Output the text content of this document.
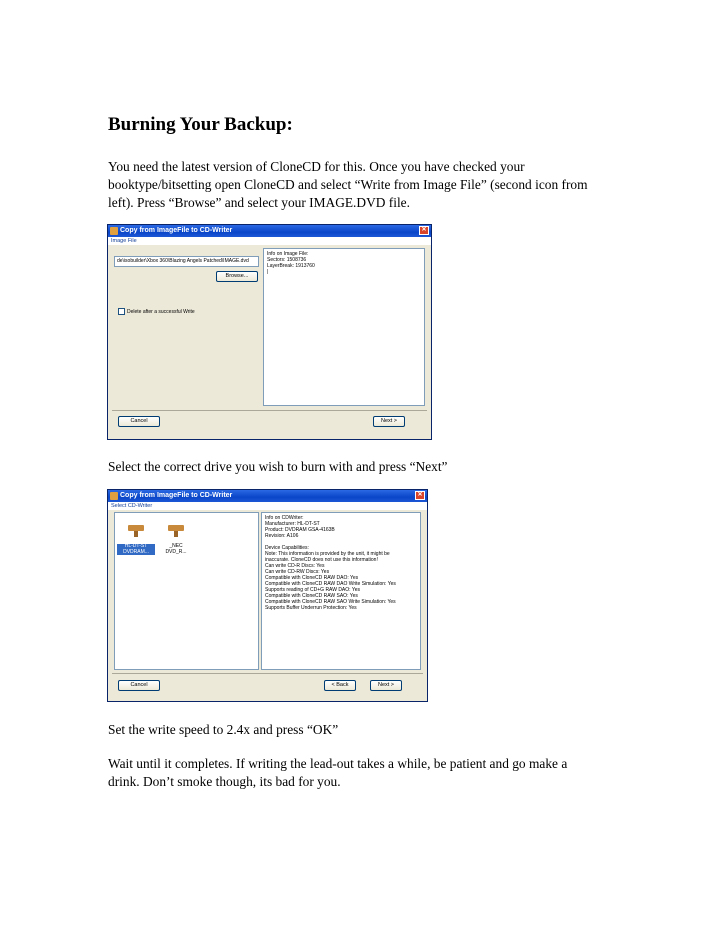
Burning Your Backup:
You need the latest version of CloneCD for this. Once you have checked your
booktype/bitsetting open CloneCD and select “Write from Image File” (second icon from
left). Press “Browse” and select your IMAGE.DVD file.
Copy from ImageFile to CD-Writer	✕
Image File
de\isobuilder\Xbox 360\Blazing Angels Patched\IMAGE.dvd
Browse...
Delete after a successful Write
Info on Image File:
Sectors: 1508736
LayerBreak: 1913760
|
Cancel	Next >
Select the correct drive you wish to burn with and press “Next”
Copy from ImageFile to CD-Writer	✕
Select CD-Writer

HL-DT-ST
DVDRAM...

_NEC
DVD_R...

Info on CDWriter:
Manufacturer: HL-DT-ST
Product: DVDRAM GSA-4163B
Revision: A106

Device Capabilities:
Note: This information is provided by the unit, it might be
inaccurate. CloneCD does not use this information!
Can write CD-R Discs: Yes
Can write CD-RW Discs: Yes
Compatible with CloneCD RAW DAO: Yes
Compatible with CloneCD RAW DAO Write Simulation: Yes
Supports reading of CD+G RAW DAO: Yes
Compatible with CloneCD RAW SAO: Yes
Compatible with CloneCD RAW SAO Write Simulation: Yes
Supports Buffer Underrun Protection: Yes
Cancel	< Back	Next >
Set the write speed to 2.4x and press “OK”
Wait until it completes. If writing the lead-out takes a while, be patient and go make a
drink. Don’t smoke though, its bad for you.
